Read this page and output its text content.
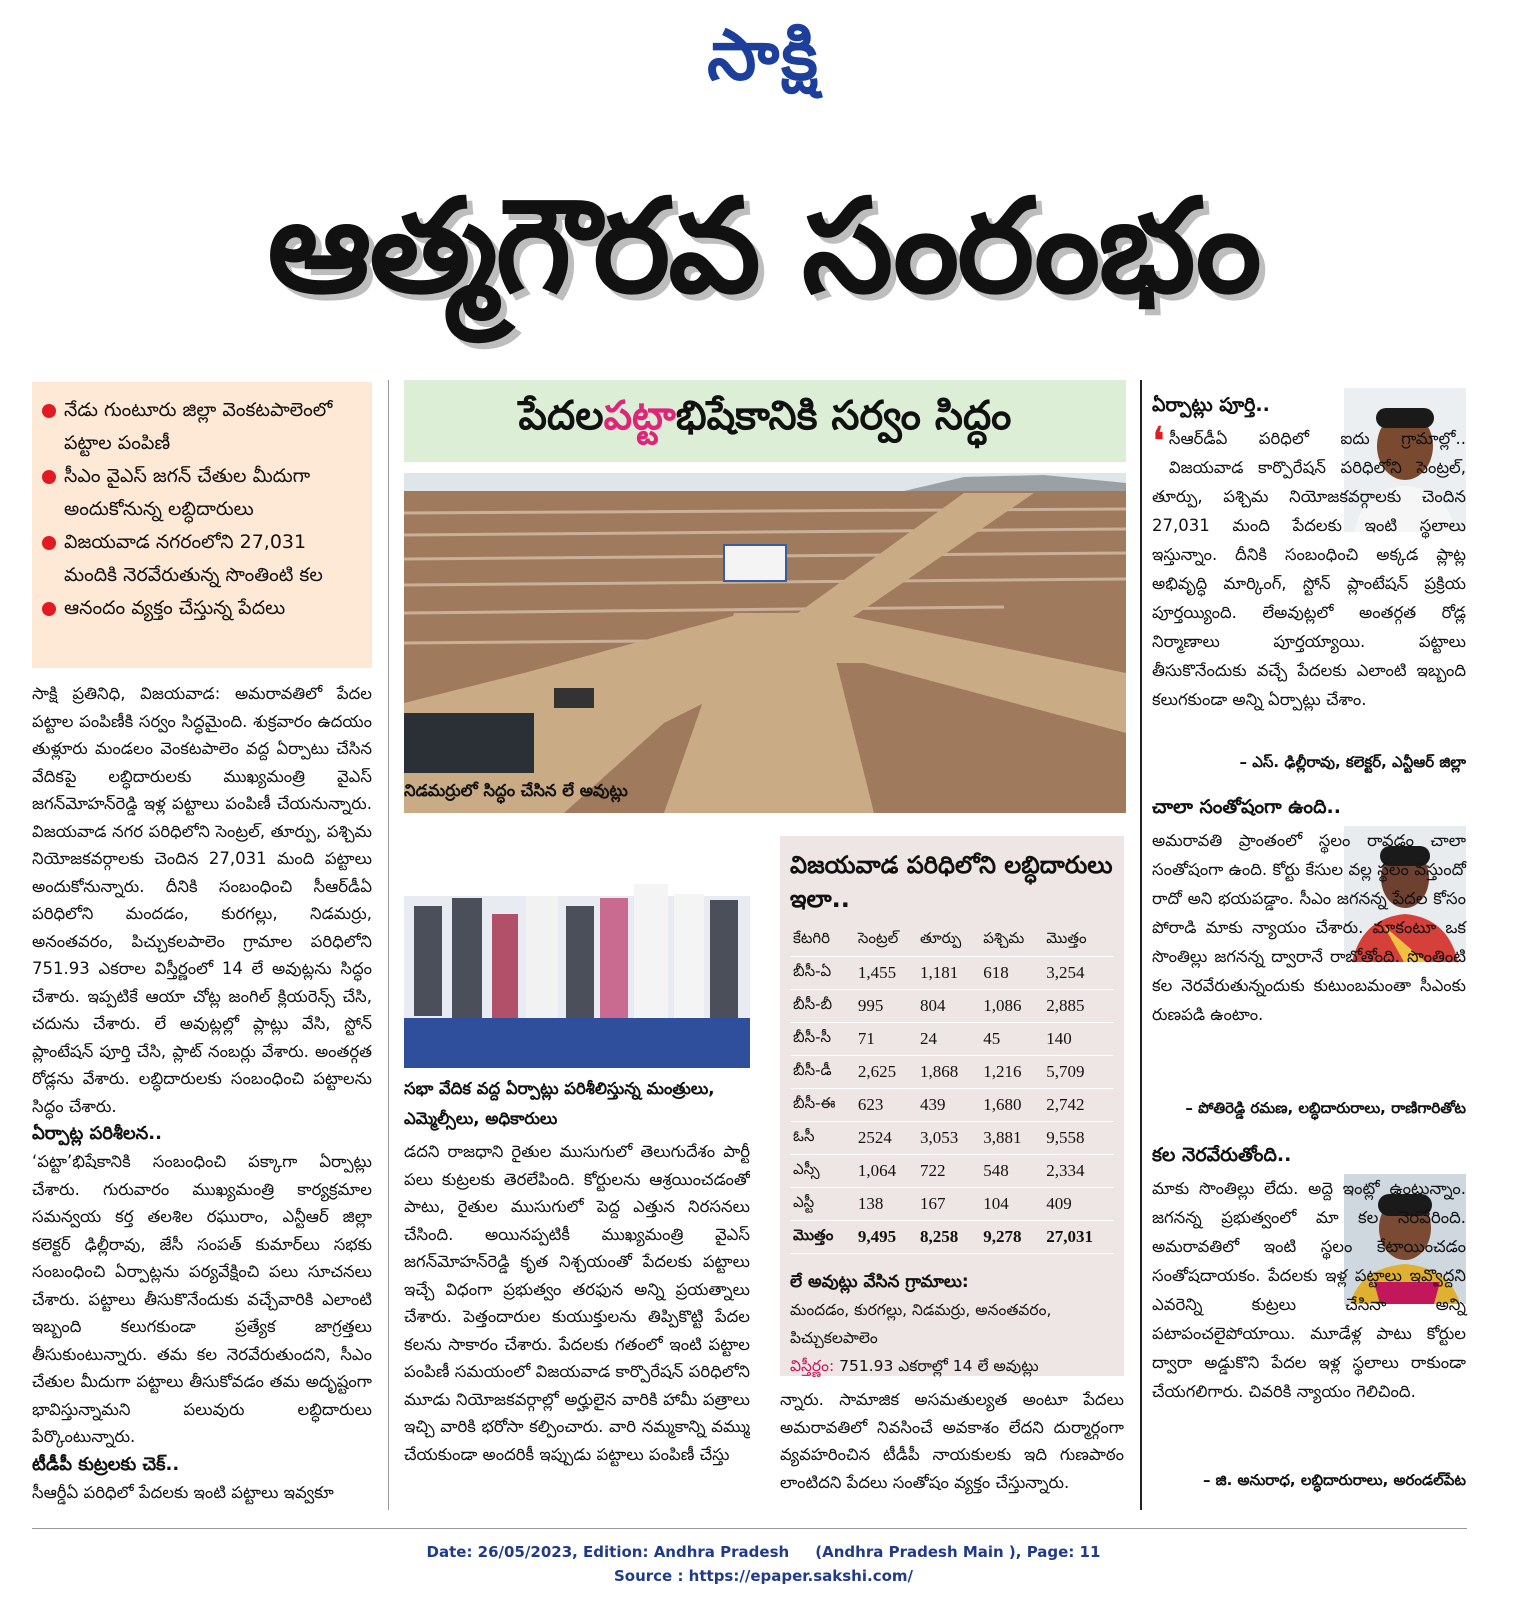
సాక్షి
ఆత్మగౌరవ సంరంభం
నేడు గుంటూరు జిల్లా వెంకటపాలెంలో పట్టాల పంపిణీ
సీఎం వైఎస్ జగన్ చేతుల మీదుగా అందుకోనున్న లబ్ధిదారులు
విజయవాడ నగరంలోని 27,031 మందికి నెరవేరుతున్న సొంతింటి కల
ఆనందం వ్యక్తం చేస్తున్న పేదలు

సాక్షి ప్రతినిధి, విజయవాడ: అమరావతిలో పేదల పట్టాల పంపిణీకి సర్వం సిద్ధమైంది. శుక్రవారం ఉదయం తుళ్లూరు మండలం వెంకటపాలెం వద్ద ఏర్పాటు చేసిన వేదికపై లబ్ధిదారులకు ముఖ్యమంత్రి వైఎస్ జగన్‌మోహన్‌రెడ్డి ఇళ్ల పట్టాలు పంపిణీ చేయనున్నారు. విజయవాడ నగర పరిధిలోని సెంట్రల్, తూర్పు, పశ్చిమ నియోజకవర్గాలకు చెందిన 27,031 మంది పట్టాలు అందుకోనున్నారు. దీనికి సంబంధించి సీఆర్‌డీఏ పరిధిలోని మందడం, కురగల్లు, నిడమర్రు, అనంతవరం, పిచ్చుకలపాలెం గ్రామాల పరిధిలోని 751.93 ఎకరాల విస్తీర్ణంలో 14 లే అవుట్లను సిద్ధం చేశారు. ఇప్పటికే ఆయా చోట్ల జంగిల్ క్లియరెన్స్ చేసి, చదును చేశారు. లే అవుట్లల్లో ప్లాట్లు వేసి, స్టోన్ ప్లాంటేషన్ పూర్తి చేసి, ప్లాట్ నంబర్లు వేశారు. అంతర్గత రోడ్లను వేశారు. లబ్ధిదారులకు సంబంధించి పట్టాలను సిద్ధం చేశారు.

ఏర్పాట్ల పరిశీలన..

‘పట్టా’భిషేకానికి సంబంధించి పక్కాగా ఏర్పాట్లు చేశారు. గురువారం ముఖ్యమంత్రి కార్యక్రమాల సమన్వయ కర్త తలశిల రఘురాం, ఎన్టీఆర్ జిల్లా కలెక్టర్ ఢిల్లీరావు, జేసీ సంపత్ కుమార్‌లు సభకు సంబంధించి ఏర్పాట్లను పర్యవేక్షించి పలు సూచనలు చేశారు. పట్టాలు తీసుకొనేందుకు వచ్చేవారికి ఎలాంటి ఇబ్బంది కలుగకుండా ప్రత్యేక జాగ్రత్తలు తీసుకుంటున్నారు. తమ కల నెరవేరుతుందని, సీఎం చేతుల మీదుగా పట్టాలు తీసుకోవడం తమ అదృష్టంగా భావిస్తున్నామని పలువురు లబ్ధిదారులు పేర్కొంటున్నారు.

టీడీపీ కుట్రలకు చెక్..

సీఆర్డీఏ పరిధిలో పేదలకు ఇంటి పట్టాలు ఇవ్వకూ

పేదల పట్టా భిషేకానికి సర్వం సిద్ధం
నిడమర్రులో సిద్ధం చేసిన లే అవుట్లు
సభా వేదిక వద్ద ఏర్పాట్లు పరిశీలిస్తున్న మంత్రులు, ఎమ్మెల్సీలు, అధికారులు
డదని రాజధాని రైతుల ముసుగులో తెలుగుదేశం పార్టీ పలు కుట్రలకు తెరలేపింది. కోర్టులను ఆశ్రయించడంతో పాటు, రైతుల ముసుగులో పెద్ద ఎత్తున నిరసనలు చేసింది. అయినప్పటికీ ముఖ్యమంత్రి వైఎస్ జగన్‌మోహన్‌రెడ్డి కృత నిశ్చయంతో పేదలకు పట్టాలు ఇచ్చే విధంగా ప్రభుత్వం తరఫున అన్ని ప్రయత్నాలు చేశారు. పెత్తందారుల కుయుక్తులను తిప్పికొట్టి పేదల కలను సాకారం చేశారు. పేదలకు గతంలో ఇంటి పట్టాల పంపిణీ సమయంలో విజయవాడ కార్పొరేషన్ పరిధిలోని మూడు నియోజకవర్గాల్లో అర్హులైన వారికి హామీ పత్రాలు ఇచ్చి వారికి భరోసా కల్పించారు. వారి నమ్మకాన్ని వమ్ము చేయకుండా అందరికీ ఇప్పుడు పట్టాలు పంపిణీ చేస్తు
విజయవాడ పరిధిలోని లబ్ధిదారులు ఇలా..
కేటగిరి	సెంట్రల్	తూర్పు	పశ్చిమ	మొత్తం
బీసీ-ఏ	1,455	1,181	618	3,254
బీసీ-బీ	995	804	1,086	2,885
బీసీ-సీ	71	24	45	140
బీసీ-డీ	2,625	1,868	1,216	5,709
బీసీ-ఈ	623	439	1,680	2,742
ఓసీ	2524	3,053	3,881	9,558
ఎస్సీ	1,064	722	548	2,334
ఎస్టీ	138	167	104	409
మొత్తం	9,495	8,258	9,278	27,031
లే అవుట్లు వేసిన గ్రామాలు:
మందడం, కురగల్లు, నిడమర్రు, అనంతవరం, పిచ్చుకలపాలెం
విస్తీర్ణం: 751.93 ఎకరాల్లో 14 లే అవుట్లు
న్నారు. సామాజిక అసమతుల్యత అంటూ పేదలు అమరావతిలో నివసించే అవకాశం లేదని దుర్మార్గంగా వ్యవహరించిన టీడీపీ నాయకులకు ఇది గుణపాఠం లాంటిదని పేదలు సంతోషం వ్యక్తం చేస్తున్నారు.
ఏర్పాట్లు పూర్తి..
❛ సీఆర్‌డీఏ పరిధిలో ఐదు గ్రామాల్లో.. విజయవాడ కార్పొరేషన్ పరిధిలోని సెంట్రల్, తూర్పు, పశ్చిమ నియోజకవర్గాలకు చెందిన 27,031 మంది పేదలకు ఇంటి స్థలాలు ఇస్తున్నాం. దీనికి సంబంధించి అక్కడ ప్లాట్ల అభివృద్ధి మార్కింగ్, స్టోన్ ప్లాంటేషన్ ప్రక్రియ పూర్తయ్యింది. లేఅవుట్లలో అంతర్గత రోడ్ల నిర్మాణాలు పూర్తయ్యాయి. పట్టాలు తీసుకొనేందుకు వచ్చే పేదలకు ఎలాంటి ఇబ్బంది కలుగకుండా అన్ని ఏర్పాట్లు చేశాం.
– ఎస్. ఢిల్లీరావు, కలెక్టర్, ఎన్టీఆర్ జిల్లా
చాలా సంతోషంగా ఉంది..
అమరావతి ప్రాంతంలో స్థలం రావడం చాలా సంతోషంగా ఉంది. కోర్టు కేసుల వల్ల స్థలం వస్తుందో రాదో అని భయపడ్డాం. సీఎం జగనన్న పేదల కోసం పోరాడి మాకు న్యాయం చేశారు. మాకంటూ ఒక సొంతిల్లు జగనన్న ద్వారానే రాబోతోంది. సొంతింటి కల నెరవేరుతున్నందుకు కుటుంబమంతా సీఎంకు రుణపడి ఉంటాం.
– పోతిరెడ్డి రమణ, లబ్ధిదారురాలు, రాణిగారితోట
కల నెరవేరుతోంది..
మాకు సొంతిల్లు లేదు. అద్దె ఇంట్లో ఉంటున్నాం. జగనన్న ప్రభుత్వంలో మా కల నెరవేరింది. అమరావతిలో ఇంటి స్థలం కేటాయించడం సంతోషదాయకం. పేదలకు ఇళ్ల పట్టాలు ఇవ్వొద్దని ఎవరెన్ని కుట్రలు చేసినా అన్ని పటాపంచలైపోయాయి. మూడేళ్ల పాటు కోర్టుల ద్వారా అడ్డుకొని పేదల ఇళ్ల స్థలాలు రాకుండా చేయగలిగారు. చివరికి న్యాయం గెలిచింది.
– జి. అనురాధ, లబ్ధిదారురాలు, అరండల్‌పేట
Date: 26/05/2023, Edition: Andhra Pradesh     (Andhra Pradesh Main ), Page: 11
Source : https://epaper.sakshi.com/
